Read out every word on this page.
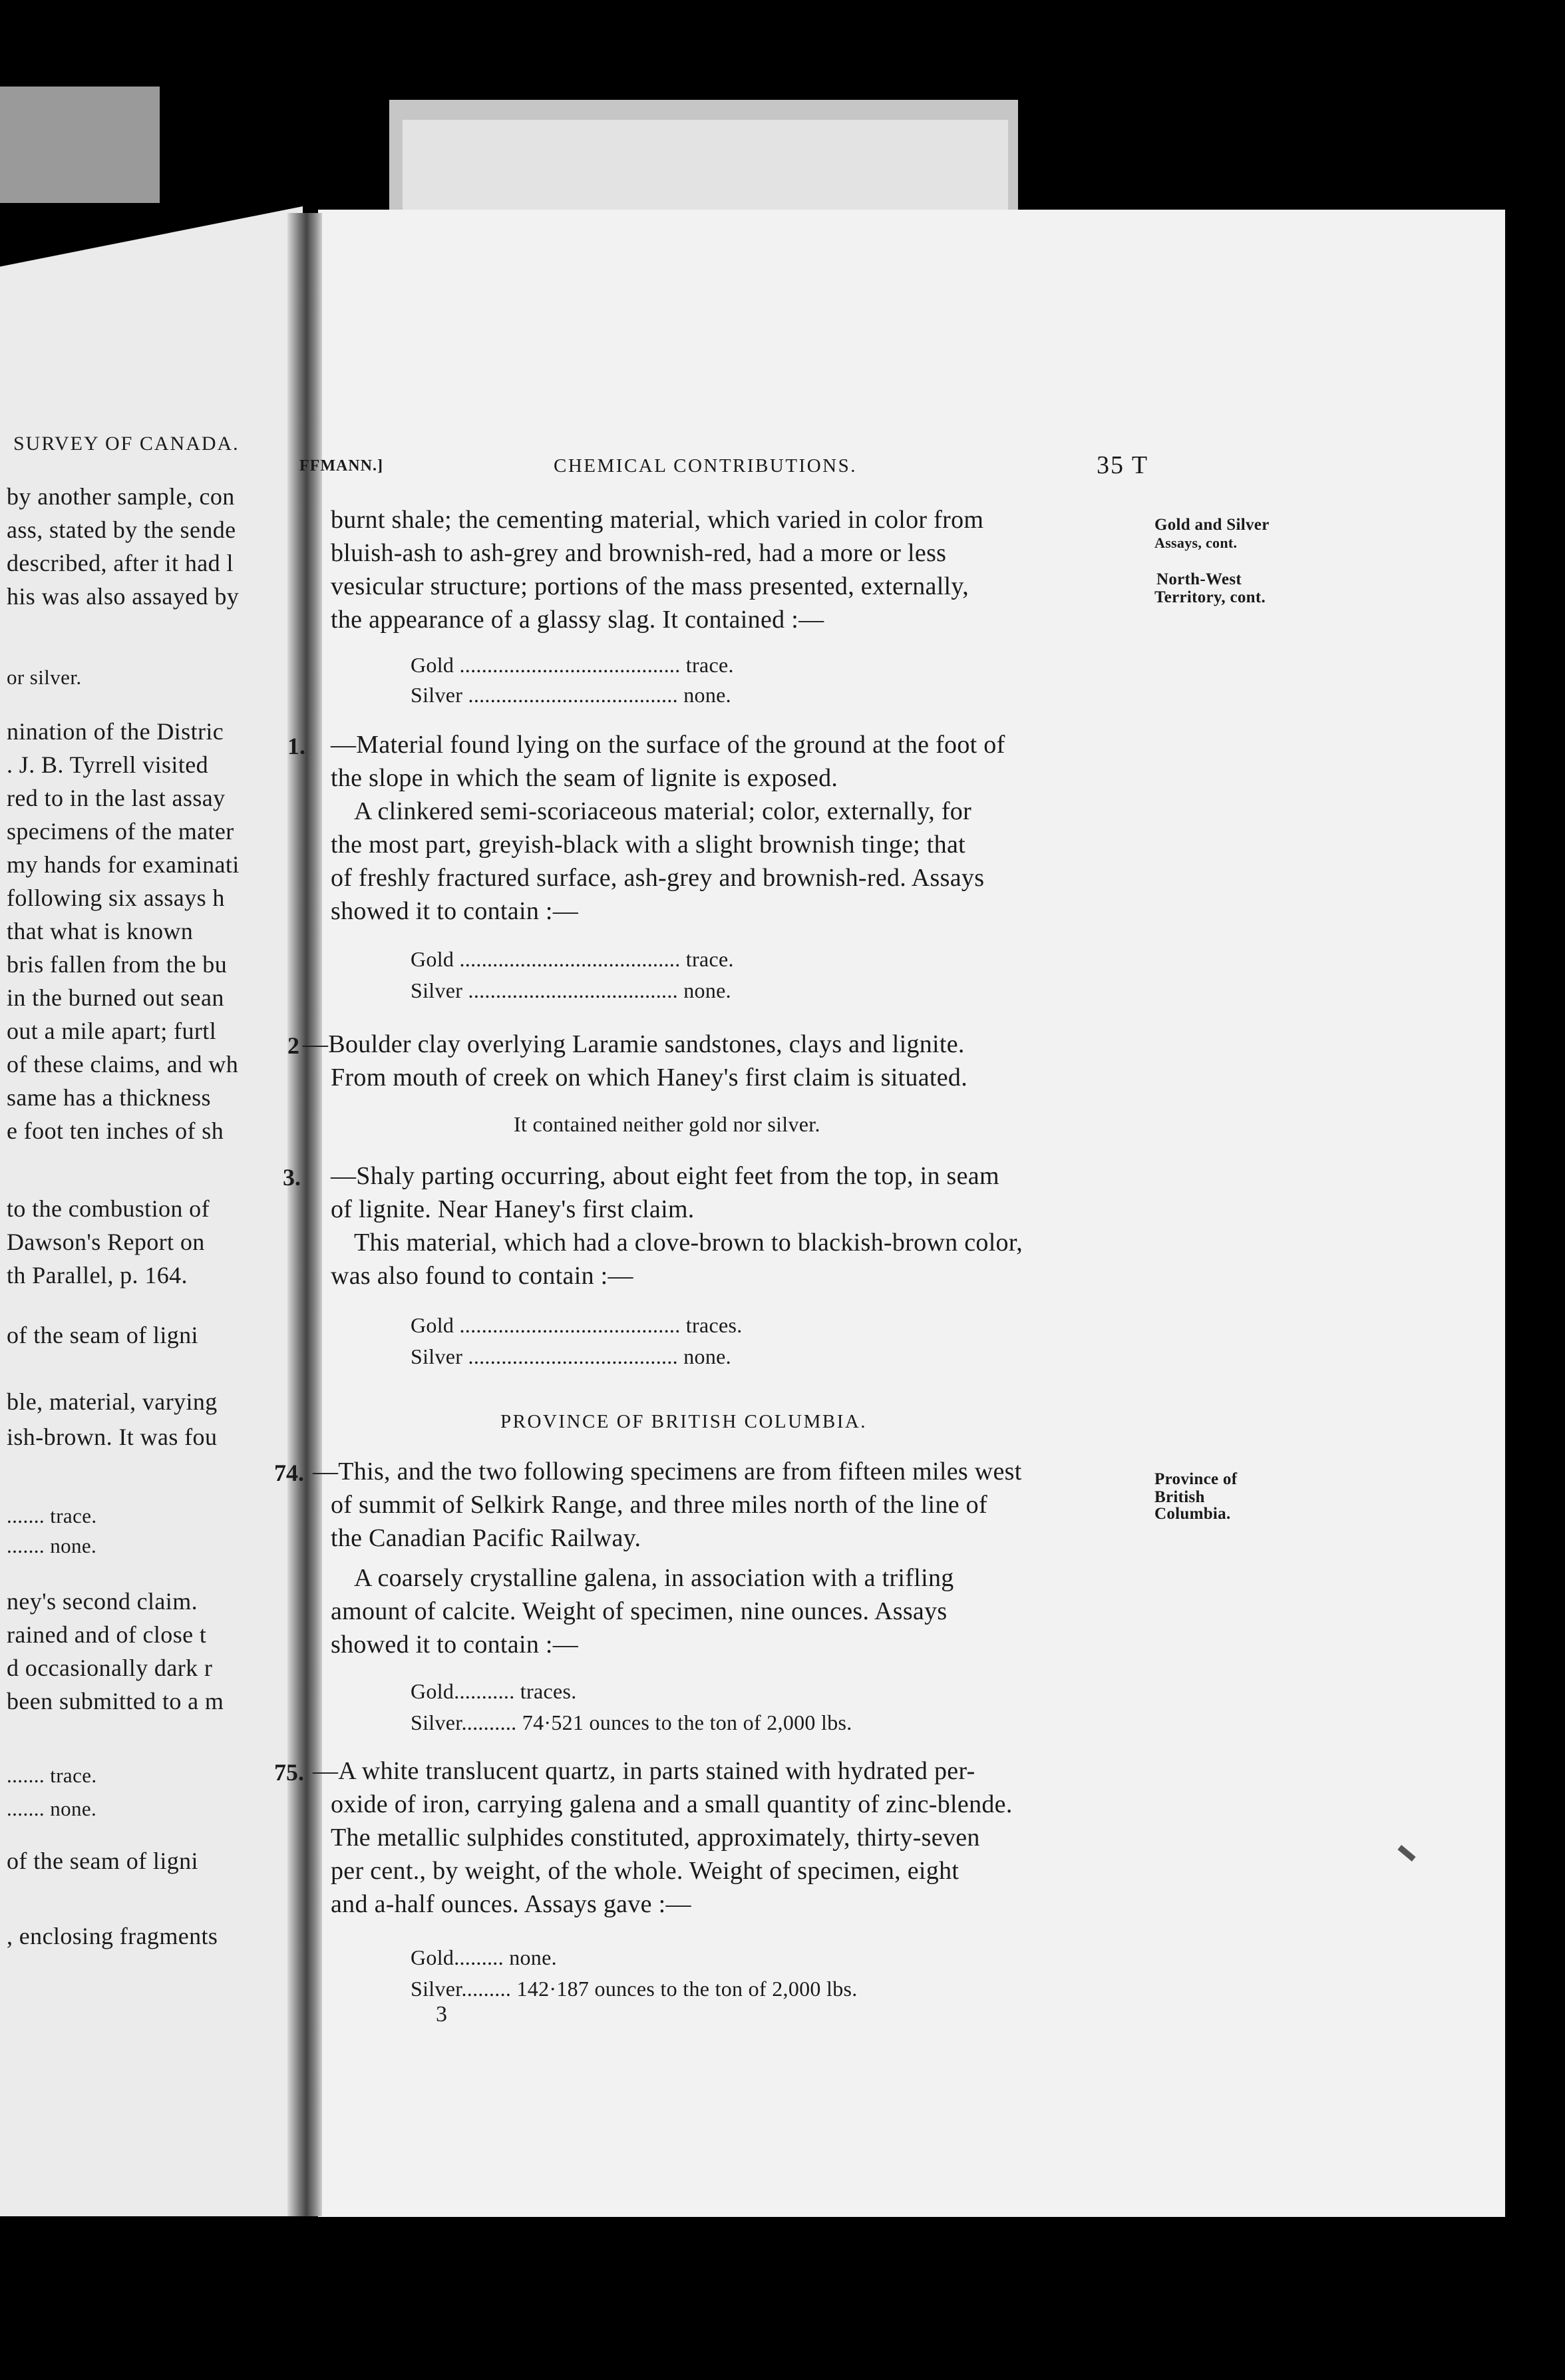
SURVEY OF CANADA.
by another sample, con
ass, stated by the sende
described, after it had l
his was also assayed by
or silver.
nination of the Distric
. J. B. Tyrrell visited
red to in the last assay
specimens of the mater
my hands for examinati
following six assays h
that what is known
bris fallen from the bu
in the burned out sean
out a mile apart; furtl
of these claims, and wh
same has a thickness
e foot ten inches of sh
to the combustion of
Dawson's Report on
th Parallel, p. 164.
of the seam of ligni
ble, material, varying
ish-brown. It was fou
....... trace.
....... none.
ney's second claim.
rained and of close t
d occasionally dark r
been submitted to a m
....... trace.
....... none.
of the seam of ligni
, enclosing fragments
FFMANN.]	CHEMICAL CONTRIBUTIONS.	35 T
Gold and Silver
Assays, cont.
North-West
Territory, cont.
Province of
British
Columbia.
burnt shale; the cementing material, which varied in color from
bluish-ash to ash-grey and brownish-red, had a more or less
vesicular structure; portions of the mass presented, externally,
the appearance of a glassy slag. It contained :—
Gold ........................................ trace.
Silver ...................................... none.
1. —Material found lying on the surface of the ground at the foot of
the slope in which the seam of lignite is exposed.
A clinkered semi-scoriaceous material; color, externally, for
the most part, greyish-black with a slight brownish tinge; that
of freshly fractured surface, ash-grey and brownish-red. Assays
showed it to contain :—
Gold ........................................ trace.
Silver ...................................... none.
2 —Boulder clay overlying Laramie sandstones, clays and lignite.
From mouth of creek on which Haney's first claim is situated.
It contained neither gold nor silver.
3. —Shaly parting occurring, about eight feet from the top, in seam
of lignite. Near Haney's first claim.
This material, which had a clove-brown to blackish-brown color,
was also found to contain :—
Gold ........................................ traces.
Silver ...................................... none.
PROVINCE OF BRITISH COLUMBIA.
74. —This, and the two following specimens are from fifteen miles west
of summit of Selkirk Range, and three miles north of the line of
the Canadian Pacific Railway.
A coarsely crystalline galena, in association with a trifling
amount of calcite. Weight of specimen, nine ounces. Assays
showed it to contain :—
Gold........... traces.
Silver.......... 74·521 ounces to the ton of 2,000 lbs.
75. —A white translucent quartz, in parts stained with hydrated per-
oxide of iron, carrying galena and a small quantity of zinc-blende.
The metallic sulphides constituted, approximately, thirty-seven
per cent., by weight, of the whole. Weight of specimen, eight
and a-half ounces. Assays gave :—
Gold......... none.
Silver......... 142·187 ounces to the ton of 2,000 lbs.
3
